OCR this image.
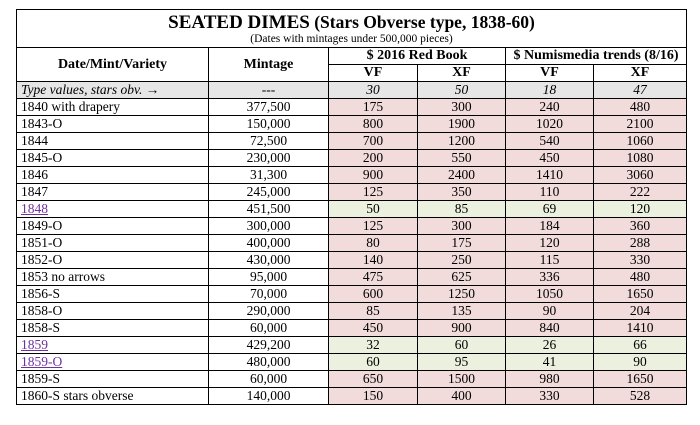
SEATED DIMES (Stars Obverse type, 1838-60)
(Dates with mintages under 500,000 pieces)					

Date/Mint/Variety	Mintage	$ 2016 Red Book		$ Numismedia trends (8/16)	
		VF	XF	VF	XF
Type values, stars obv. →	---	30	50	18	47
1840 with drapery	377,500	175	300	240	480
1843-O	150,000	800	1900	1020	2100
1844	72,500	700	1200	540	1060
1845-O	230,000	200	550	450	1080
1846	31,300	900	2400	1410	3060
1847	245,000	125	350	110	222
1848	451,500	50	85	69	120
1849-O	300,000	125	300	184	360
1851-O	400,000	80	175	120	288
1852-O	430,000	140	250	115	330
1853 no arrows	95,000	475	625	336	480
1856-S	70,000	600	1250	1050	1650
1858-O	290,000	85	135	90	204
1858-S	60,000	450	900	840	1410
1859	429,200	32	60	26	66
1859-O	480,000	60	95	41	90
1859-S	60,000	650	1500	980	1650
1860-S stars obverse	140,000	150	400	330	528
